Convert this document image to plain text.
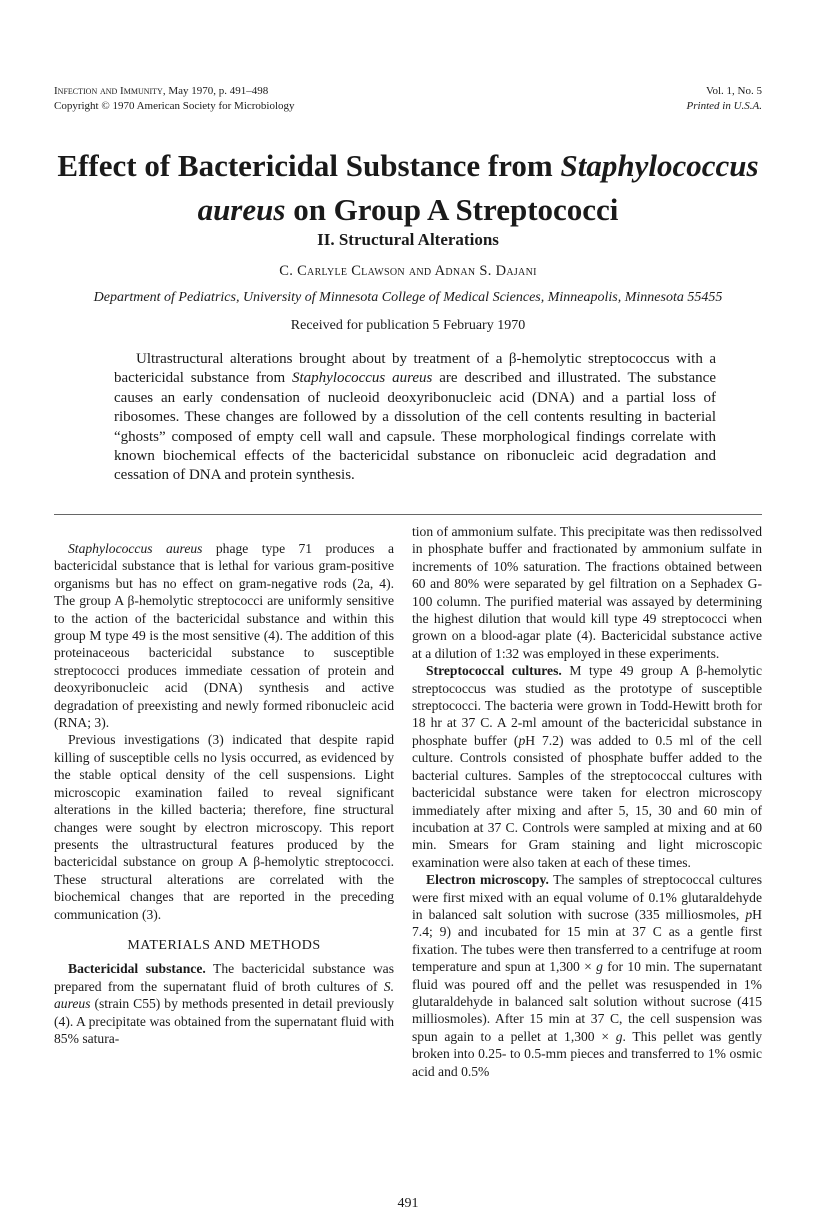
Infection and Immunity, May 1970, p. 491–498
Copyright © 1970 American Society for Microbiology
Vol. 1, No. 5
Printed in U.S.A.
Effect of Bactericidal Substance from Staphylococcus aureus on Group A Streptococci
II. Structural Alterations
C. Carlyle Clawson and Adnan S. Dajani
Department of Pediatrics, University of Minnesota College of Medical Sciences, Minneapolis, Minnesota 55455
Received for publication 5 February 1970
Ultrastructural alterations brought about by treatment of a β-hemolytic streptococcus with a bactericidal substance from Staphylococcus aureus are described and illustrated. The substance causes an early condensation of nucleoid deoxyribonucleic acid (DNA) and a partial loss of ribosomes. These changes are followed by a dissolution of the cell contents resulting in bacterial “ghosts” composed of empty cell wall and capsule. These morphological findings correlate with known biochemical effects of the bactericidal substance on ribonucleic acid degradation and cessation of DNA and protein synthesis.

Staphylococcus aureus phage type 71 produces a bactericidal substance that is lethal for various gram-positive organisms but has no effect on gram-negative rods (2a, 4). The group A β-hemolytic streptococci are uniformly sensitive to the action of the bactericidal substance and within this group M type 49 is the most sensitive (4). The addition of this proteinaceous bactericidal substance to susceptible streptococci produces immediate cessation of protein and deoxyribonucleic acid (DNA) synthesis and active degradation of preexisting and newly formed ribonucleic acid (RNA; 3).

Previous investigations (3) indicated that despite rapid killing of susceptible cells no lysis occurred, as evidenced by the stable optical density of the cell suspensions. Light microscopic examination failed to reveal significant alterations in the killed bacteria; therefore, fine structural changes were sought by electron microscopy. This report presents the ultrastructural features produced by the bactericidal substance on group A β-hemolytic streptococci. These structural alterations are correlated with the biochemical changes that are reported in the preceding communication (3).

MATERIALS AND METHODS

Bactericidal substance. The bactericidal substance was prepared from the supernatant fluid of broth cultures of S. aureus (strain C55) by methods presented in detail previously (4). A precipitate was obtained from the supernatant fluid with 85% satura-

tion of ammonium sulfate. This precipitate was then redissolved in phosphate buffer and fractionated by ammonium sulfate in increments of 10% saturation. The fractions obtained between 60 and 80% were separated by gel filtration on a Sephadex G-100 column. The purified material was assayed by determining the highest dilution that would kill type 49 streptococci when grown on a blood-agar plate (4). Bactericidal substance active at a dilution of 1:32 was employed in these experiments.

Streptococcal cultures. M type 49 group A β-hemolytic streptococcus was studied as the prototype of susceptible streptococci. The bacteria were grown in Todd-Hewitt broth for 18 hr at 37 C. A 2-ml amount of the bactericidal substance in phosphate buffer (pH 7.2) was added to 0.5 ml of the cell culture. Controls consisted of phosphate buffer added to the bacterial cultures. Samples of the streptococcal cultures with bactericidal substance were taken for electron microscopy immediately after mixing and after 5, 15, 30 and 60 min of incubation at 37 C. Controls were sampled at mixing and at 60 min. Smears for Gram staining and light microscopic examination were also taken at each of these times.

Electron microscopy. The samples of streptococcal cultures were first mixed with an equal volume of 0.1% glutaraldehyde in balanced salt solution with sucrose (335 milliosmoles, pH 7.4; 9) and incubated for 15 min at 37 C as a gentle first fixation. The tubes were then transferred to a centrifuge at room temperature and spun at 1,300 × g for 10 min. The supernatant fluid was poured off and the pellet was resuspended in 1% glutaraldehyde in balanced salt solution without sucrose (415 milliosmoles). After 15 min at 37 C, the cell suspension was spun again to a pellet at 1,300 × g. This pellet was gently broken into 0.25- to 0.5-mm pieces and transferred to 1% osmic acid and 0.5%

491
